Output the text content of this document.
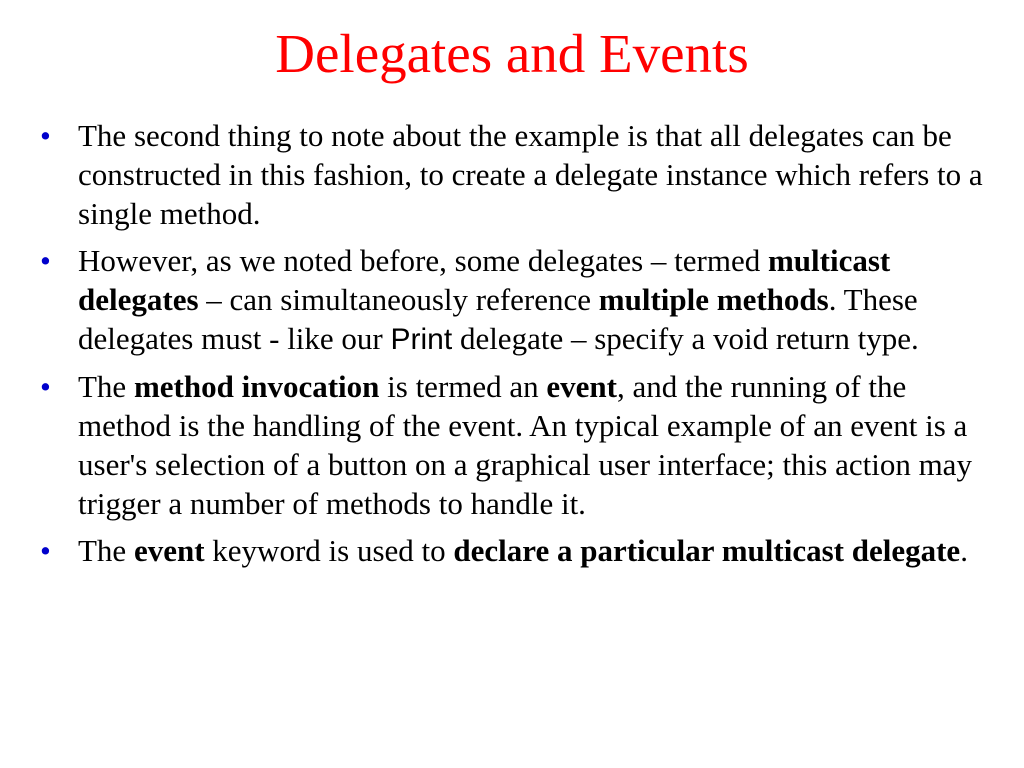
Delegates and Events
• The second thing to note about the example is that all delegates can be constructed in this fashion, to create a delegate instance which refers to a single method.
• However, as we noted before, some delegates – termed multicast delegates – can simultaneously reference multiple methods. These delegates must - like our Print delegate – specify a void return type.
• The method invocation is termed an event, and the running of the method is the handling of the event. An typical example of an event is a user's selection of a button on a graphical user interface; this action may trigger a number of methods to handle it.
• The event keyword is used to declare a particular multicast delegate.
